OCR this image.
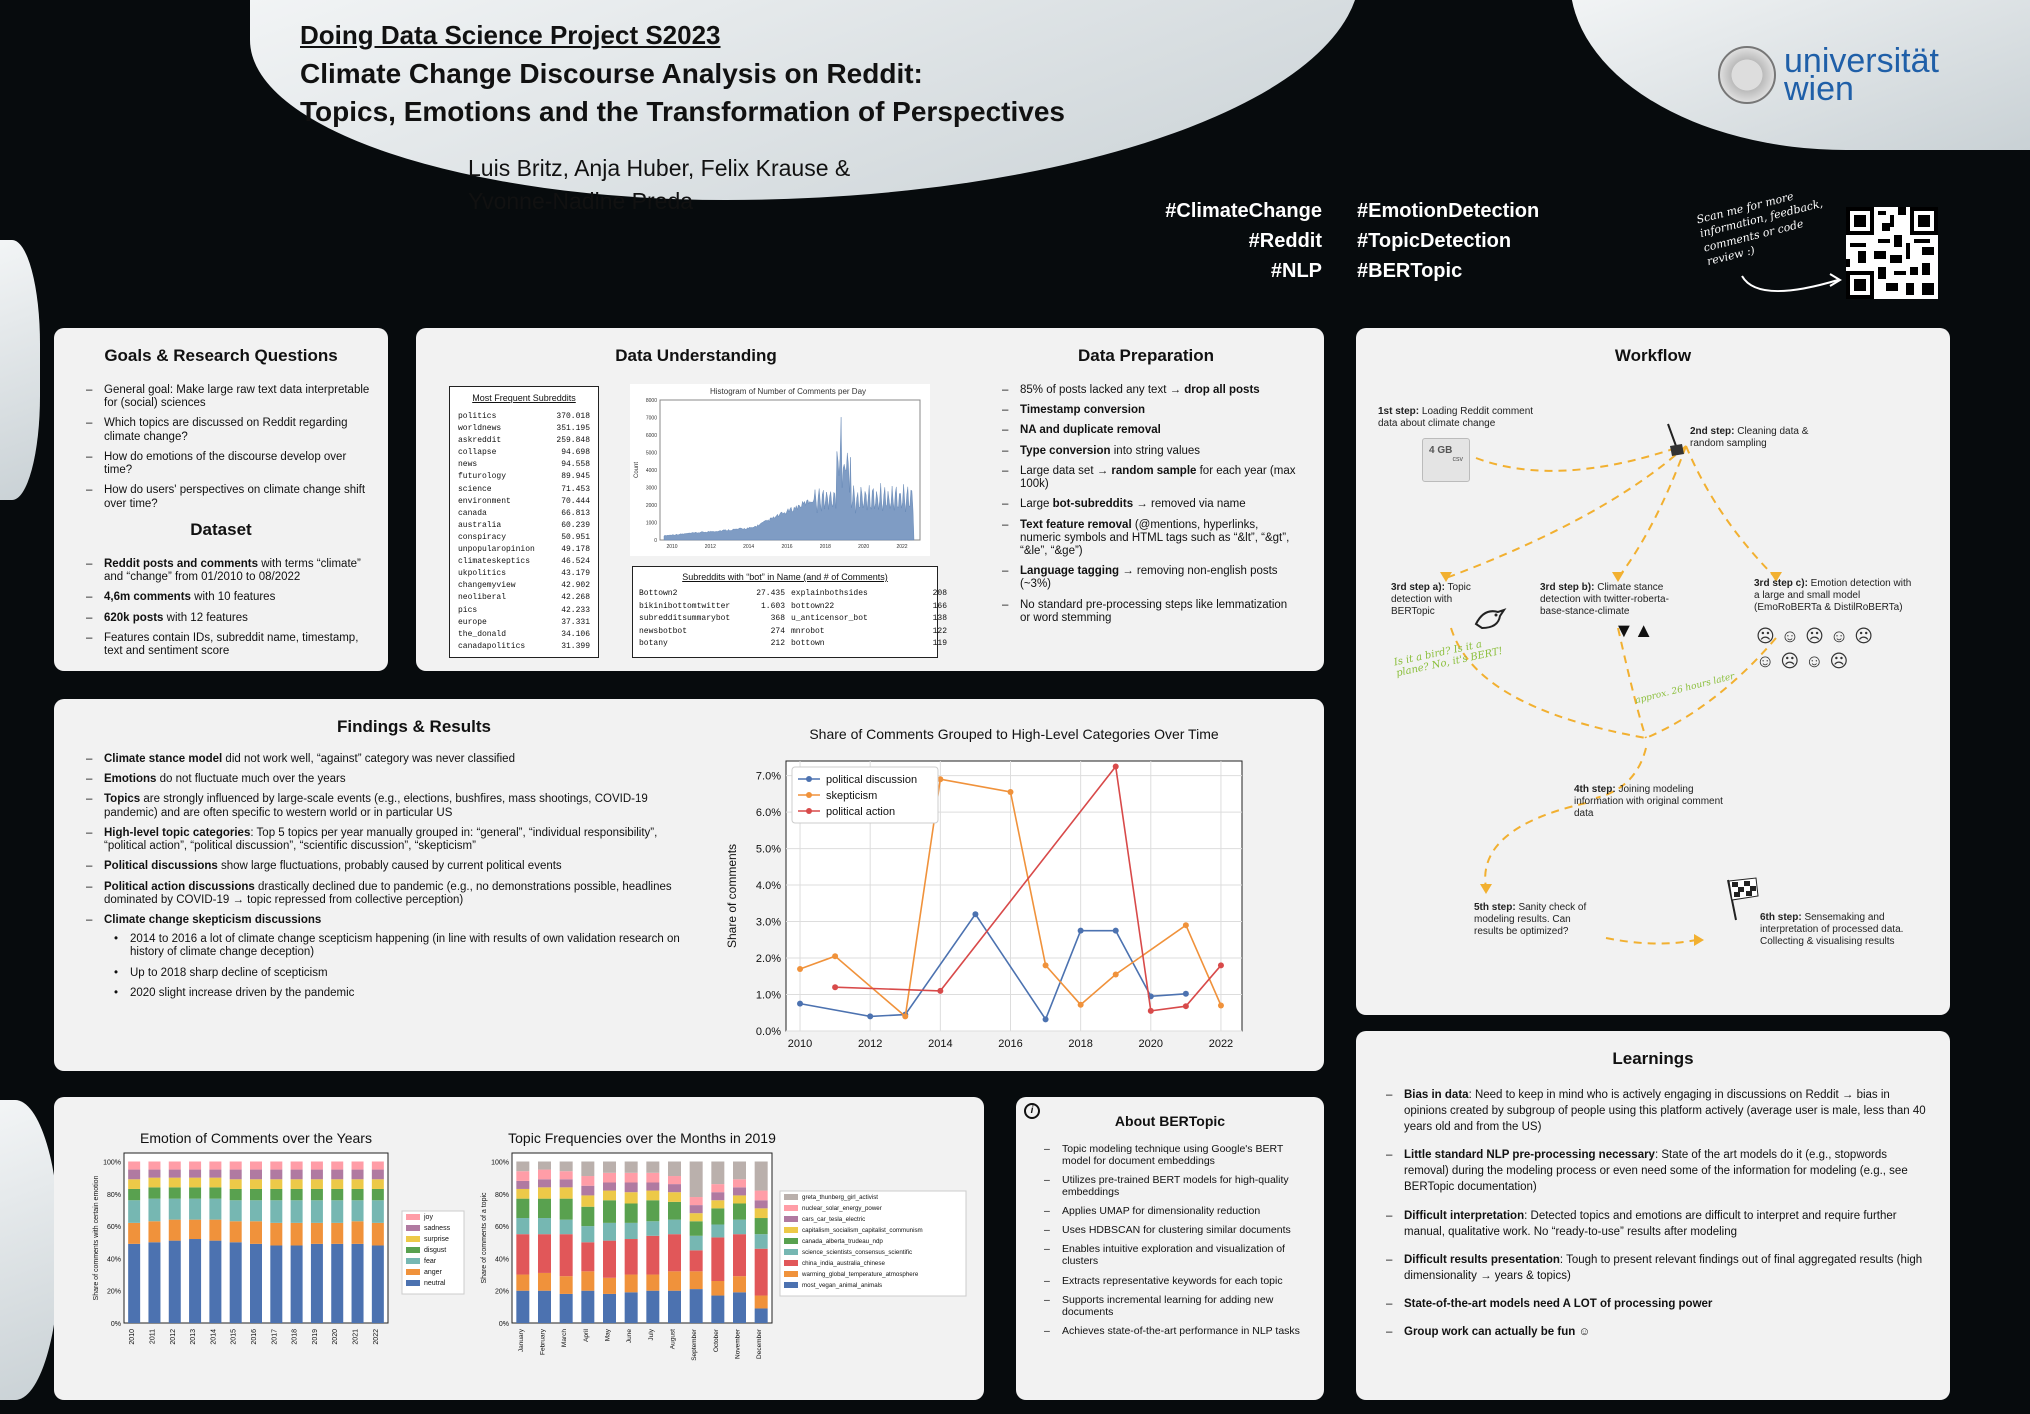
Doing Data Science Project S2023
Climate Change Discourse Analysis on Reddit:
Topics, Emotions and the Transformation of Perspectives
Luis Britz, Anja Huber, Felix Krause &
Yvonne-Nadine Preda
universität
wien
#ClimateChange #EmotionDetection
#Reddit #TopicDetection
#NLP #BERTopic
Scan me for more information, feedback, comments or code review :)
Goals & Research Questions
– General goal: Make large raw text data interpretable for (social) sciences
– Which topics are discussed on Reddit regarding climate change?
– How do emotions of the discourse develop over time?
– How do users' perspectives on climate change shift over time?
Dataset
– Reddit posts and comments with terms “climate” and “change” from 01/2010 to 08/2022
– 4,6m comments with 10 features
– 620k posts with 12 features
– Features contain IDs, subreddit name, timestamp, text and sentiment score
Data Understanding	Data Preparation
Most Frequent Subreddits
politics	370.018
worldnews	351.195
askreddit	259.848
collapse	94.698
news	94.558
futurology	89.945
science	71.453
environment	70.444
canada	66.813
australia	60.239
conspiracy	50.951
unpopularopinion	49.178
climateskeptics	46.524
ukpolitics	43.179
changemyview	42.902
neoliberal	42.268
pics	42.233
europe	37.331
the_donald	34.106
canadapolitics	31.399
Histogram of Number of Comments per Day
Count
8000
7000
6000
5000
4000
3000
2000
1000
0
2010	2012	2014	2016	2018	2020	2022
Subreddits with “bot” in Name (and # of Comments)
Bottown2	27.435 explainbothsides	208
bikinibottomtwitter	1.603 bottown22	166
subredditsummarybot	368 u_anticensor_bot	138
newsbotbot	274 mnrobot	122
botany	212 bottown	119
– 85% of posts lacked any text → drop all posts
– Timestamp conversion
– NA and duplicate removal
– Type conversion into string values
– Large data set → random sample for each year (max 100k)
– Large bot-subreddits → removed via name
– Text feature removal (@mentions, hyperlinks, numeric symbols and HTML tags such as “&lt”, “&gt”, “&le”, “&ge”)
– Language tagging → removing non-english posts (~3%)
– No standard pre-processing steps like lemmatization or word stemming
Workflow
4 GB
csv
1st step: Loading Reddit comment data about climate change
2nd step: Cleaning data & random sampling
3rd step a): Topic detection with BERTopic
3rd step b): Climate stance detection with twitter-roberta-base-stance-climate
▼▲
3rd step c): Emotion detection with a large and small model (EmoRoBERTa & DistilRoBERTa)
☹☺☹☺☹ ☺☹☺☹
Is it a bird? Is it a plane? No, it's BERT!
approx. 26 hours later
4th step: Joining modeling information with original comment data
5th step: Sanity check of modeling results. Can results be optimized?
6th step: Sensemaking and interpretation of processed data. Collecting & visualising results
Findings & Results
– Climate stance model did not work well, “against” category was never classified
– Emotions do not fluctuate much over the years
– Topics are strongly influenced by large-scale events (e.g., elections, bushfires, mass shootings, COVID-19 pandemic) and are often specific to western world or in particular US
– High-level topic categories: Top 5 topics per year manually grouped in: “general”, “individual responsibility”, “political action”, “political discussion”, “scientific discussion”, “skepticism”
– Political discussions show large fluctuations, probably caused by current political events
– Political action discussions drastically declined due to pandemic (e.g., no demonstrations possible, headlines dominated by COVID-19 → topic repressed from collective perception)
– Climate change skepticism discussions
• 2014 to 2016 a lot of climate change scepticism happening (in line with results of own validation research on history of climate change deception)
• Up to 2018 sharp decline of scepticism
• 2020 slight increase driven by the pandemic
Share of Comments Grouped to High-Level Categories Over Time
0.0%
1.0%
2.0%
3.0%
4.0%
5.0%
6.0%
7.0%
2010	2012	2014	2016	2018	2020	2022
Share of comments
political discussion
skepticism
political action
Emotion of Comments over the Years
0%
20%
40%
60%
80%
100%
Share of comments with certain emotion
2010 2011 2012 2013 2014 2015 2016 2017 2018 2019 2020 2021 2022
joy
sadness
surprise
disgust
fear
anger
neutral
Topic Frequencies over the Months in 2019
0%
20%
40%
60%
80%
100%
Share of comments of a topic
January February March April May June July August September October November December
greta_thunberg_girl_activist
nuclear_solar_energy_power
cars_car_tesla_electric
capitalism_socialism_capitalist_communism
canada_alberta_trudeau_ndp
science_scientists_consensus_scientific
china_india_australia_chinese
warming_global_temperature_atmosphere
most_vegan_animal_animals
i
About BERTopic
– Topic modeling technique using Google's BERT model for document embeddings
– Utilizes pre-trained BERT models for high-quality embeddings
– Applies UMAP for dimensionality reduction
– Uses HDBSCAN for clustering similar documents
– Enables intuitive exploration and visualization of clusters
– Extracts representative keywords for each topic
– Supports incremental learning for adding new documents
– Achieves state-of-the-art performance in NLP tasks
Learnings
– Bias in data: Need to keep in mind who is actively engaging in discussions on Reddit → bias in opinions created by subgroup of people using this platform actively (average user is male, less than 40 years old and from the US)
– Little standard NLP pre-processing necessary: State of the art models do it (e.g., stopwords removal) during the modeling process or even need some of the information for modeling (e.g., see BERTopic documentation)
– Difficult interpretation: Detected topics and emotions are difficult to interpret and require further manual, qualitative work. No “ready-to-use” results after modeling
– Difficult results presentation: Tough to present relevant findings out of final aggregated results (high dimensionality → years & topics)
– State-of-the-art models need A LOT of processing power
– Group work can actually be fun ☺
